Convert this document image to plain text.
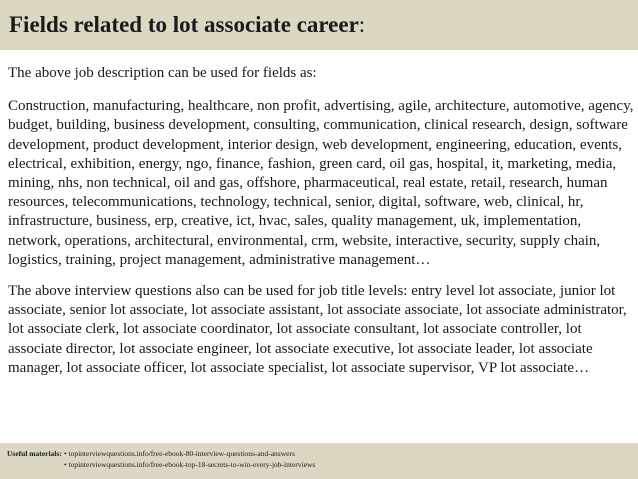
Fields related to lot associate career:

The above job description can be used for fields as:

Construction, manufacturing, healthcare, non profit, advertising, agile, architecture, automotive, agency, budget, building, business development, consulting, communication, clinical research, design, software development, product development, interior design, web development, engineering, education, events, electrical, exhibition, energy, ngo, finance, fashion, green card, oil gas, hospital, it, marketing, media, mining, nhs, non technical, oil and gas, offshore, pharmaceutical, real estate, retail, research, human resources, telecommunications, technology, technical, senior, digital, software, web, clinical, hr, infrastructure, business, erp, creative, ict, hvac, sales, quality management, uk, implementation, network, operations, architectural, environmental, crm, website, interactive, security, supply chain, logistics, training, project management, administrative management…

The above interview questions also can be used for job title levels: entry level lot associate, junior lot associate, senior lot associate, lot associate assistant, lot associate associate, lot associate administrator, lot associate clerk, lot associate coordinator, lot associate consultant, lot associate controller, lot associate director, lot associate engineer, lot associate executive, lot associate leader, lot associate manager, lot associate officer, lot associate specialist, lot associate supervisor, VP lot associate…

Useful materials: • topinterviewquestions.info/free-ebook-80-interview-questions-and-answers
• topinterviewquestions.info/free-ebook-top-18-secrets-to-win-every-job-interviews
